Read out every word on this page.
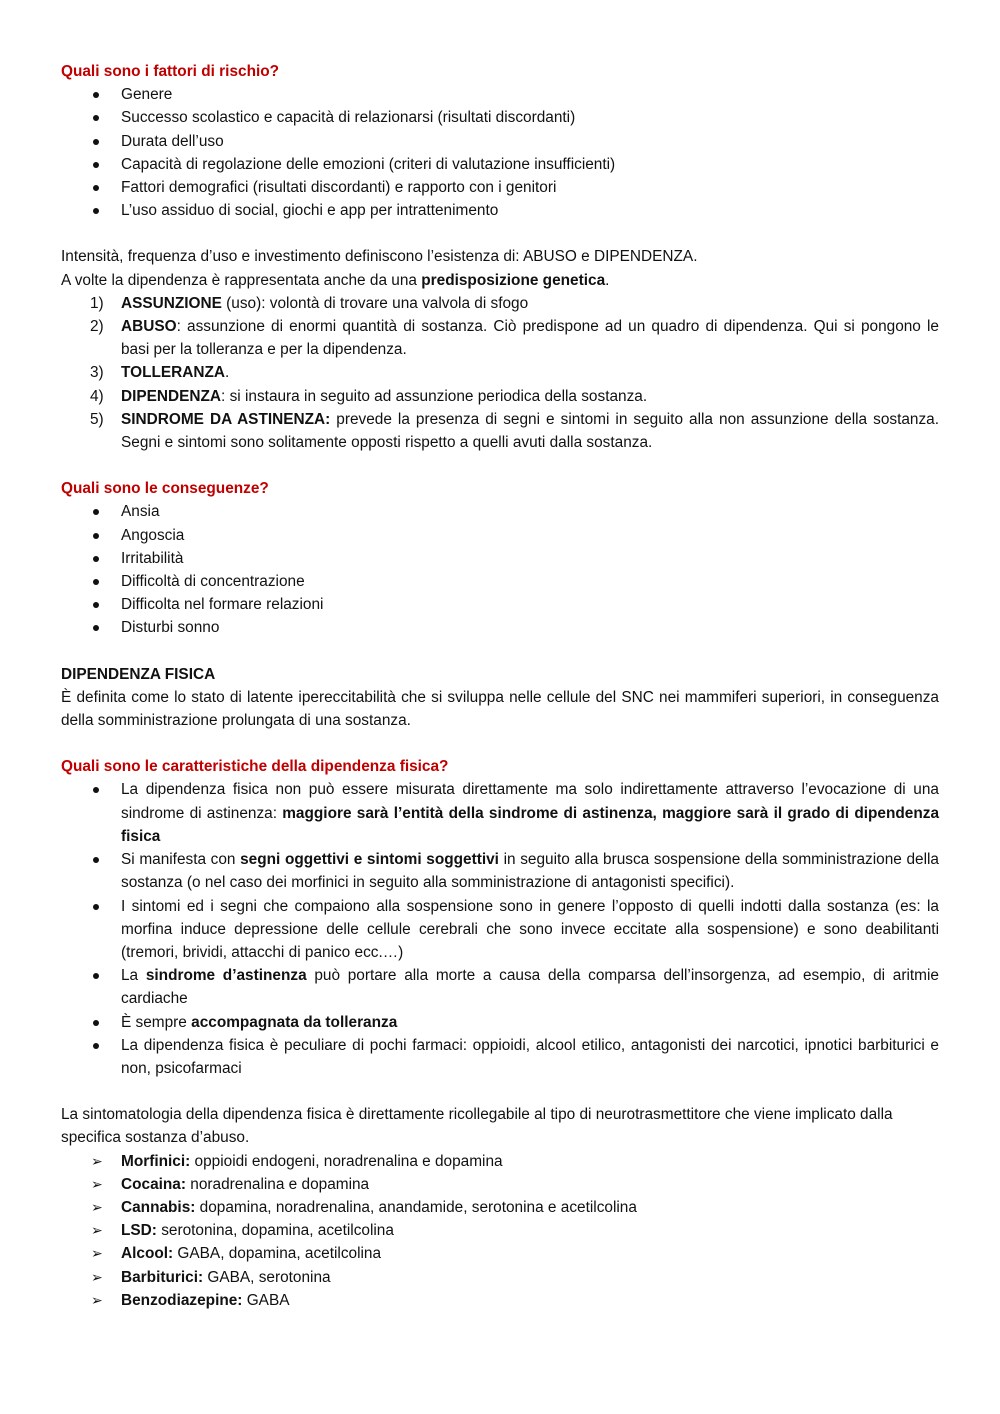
Quali sono i fattori di rischio?

Genere
Successo scolastico e capacità di relazionarsi (risultati discordanti)
Durata dell’uso
Capacità di regolazione delle emozioni (criteri di valutazione insufficienti)
Fattori demografici (risultati discordanti) e rapporto con i genitori
L’uso assiduo di social, giochi e app per intrattenimento

Intensità, frequenza d’uso e investimento definiscono l’esistenza di: ABUSO e DIPENDENZA.

A volte la dipendenza è rappresentata anche da una predisposizione genetica.

1) ASSUNZIONE (uso): volontà di trovare una valvola di sfogo
2) ABUSO: assunzione di enormi quantità di sostanza. Ciò predispone ad un quadro di dipendenza. Qui si pongono le basi per la tolleranza e per la dipendenza.
3) TOLLERANZA.
4) DIPENDENZA: si instaura in seguito ad assunzione periodica della sostanza.
5) SINDROME DA ASTINENZA: prevede la presenza di segni e sintomi in seguito alla non assunzione della sostanza. Segni e sintomi sono solitamente opposti rispetto a quelli avuti dalla sostanza.

Quali sono le conseguenze?

Ansia
Angoscia
Irritabilità
Difficoltà di concentrazione
Difficolta nel formare relazioni
Disturbi sonno

DIPENDENZA FISICA

È definita come lo stato di latente ipereccitabilità che si sviluppa nelle cellule del SNC nei mammiferi superiori, in conseguenza della somministrazione prolungata di una sostanza.

Quali sono le caratteristiche della dipendenza fisica?

La dipendenza fisica non può essere misurata direttamente ma solo indirettamente attraverso l’evocazione di una sindrome di astinenza: maggiore sarà l’entità della sindrome di astinenza, maggiore sarà il grado di dipendenza fisica
Si manifesta con segni oggettivi e sintomi soggettivi in seguito alla brusca sospensione della somministrazione della sostanza (o nel caso dei morfinici in seguito alla somministrazione di antagonisti specifici).
I sintomi ed i segni che compaiono alla sospensione sono in genere l’opposto di quelli indotti dalla sostanza (es: la morfina induce depressione delle cellule cerebrali che sono invece eccitate alla sospensione) e sono deabilitanti (tremori, brividi, attacchi di panico ecc.…)
La sindrome d’astinenza può portare alla morte a causa della comparsa dell’insorgenza, ad esempio, di aritmie cardiache
È sempre accompagnata da tolleranza
La dipendenza fisica è peculiare di pochi farmaci: oppioidi, alcool etilico, antagonisti dei narcotici, ipnotici barbiturici e non, psicofarmaci

La sintomatologia della dipendenza fisica è direttamente ricollegabile al tipo di neurotrasmettitore che viene implicato dalla specifica sostanza d’abuso.

➢ Morfinici: oppioidi endogeni, noradrenalina e dopamina
➢ Cocaina: noradrenalina e dopamina
➢ Cannabis: dopamina, noradrenalina, anandamide, serotonina e acetilcolina
➢ LSD: serotonina, dopamina, acetilcolina
➢ Alcool: GABA, dopamina, acetilcolina
➢ Barbiturici: GABA, serotonina
➢ Benzodiazepine: GABA
